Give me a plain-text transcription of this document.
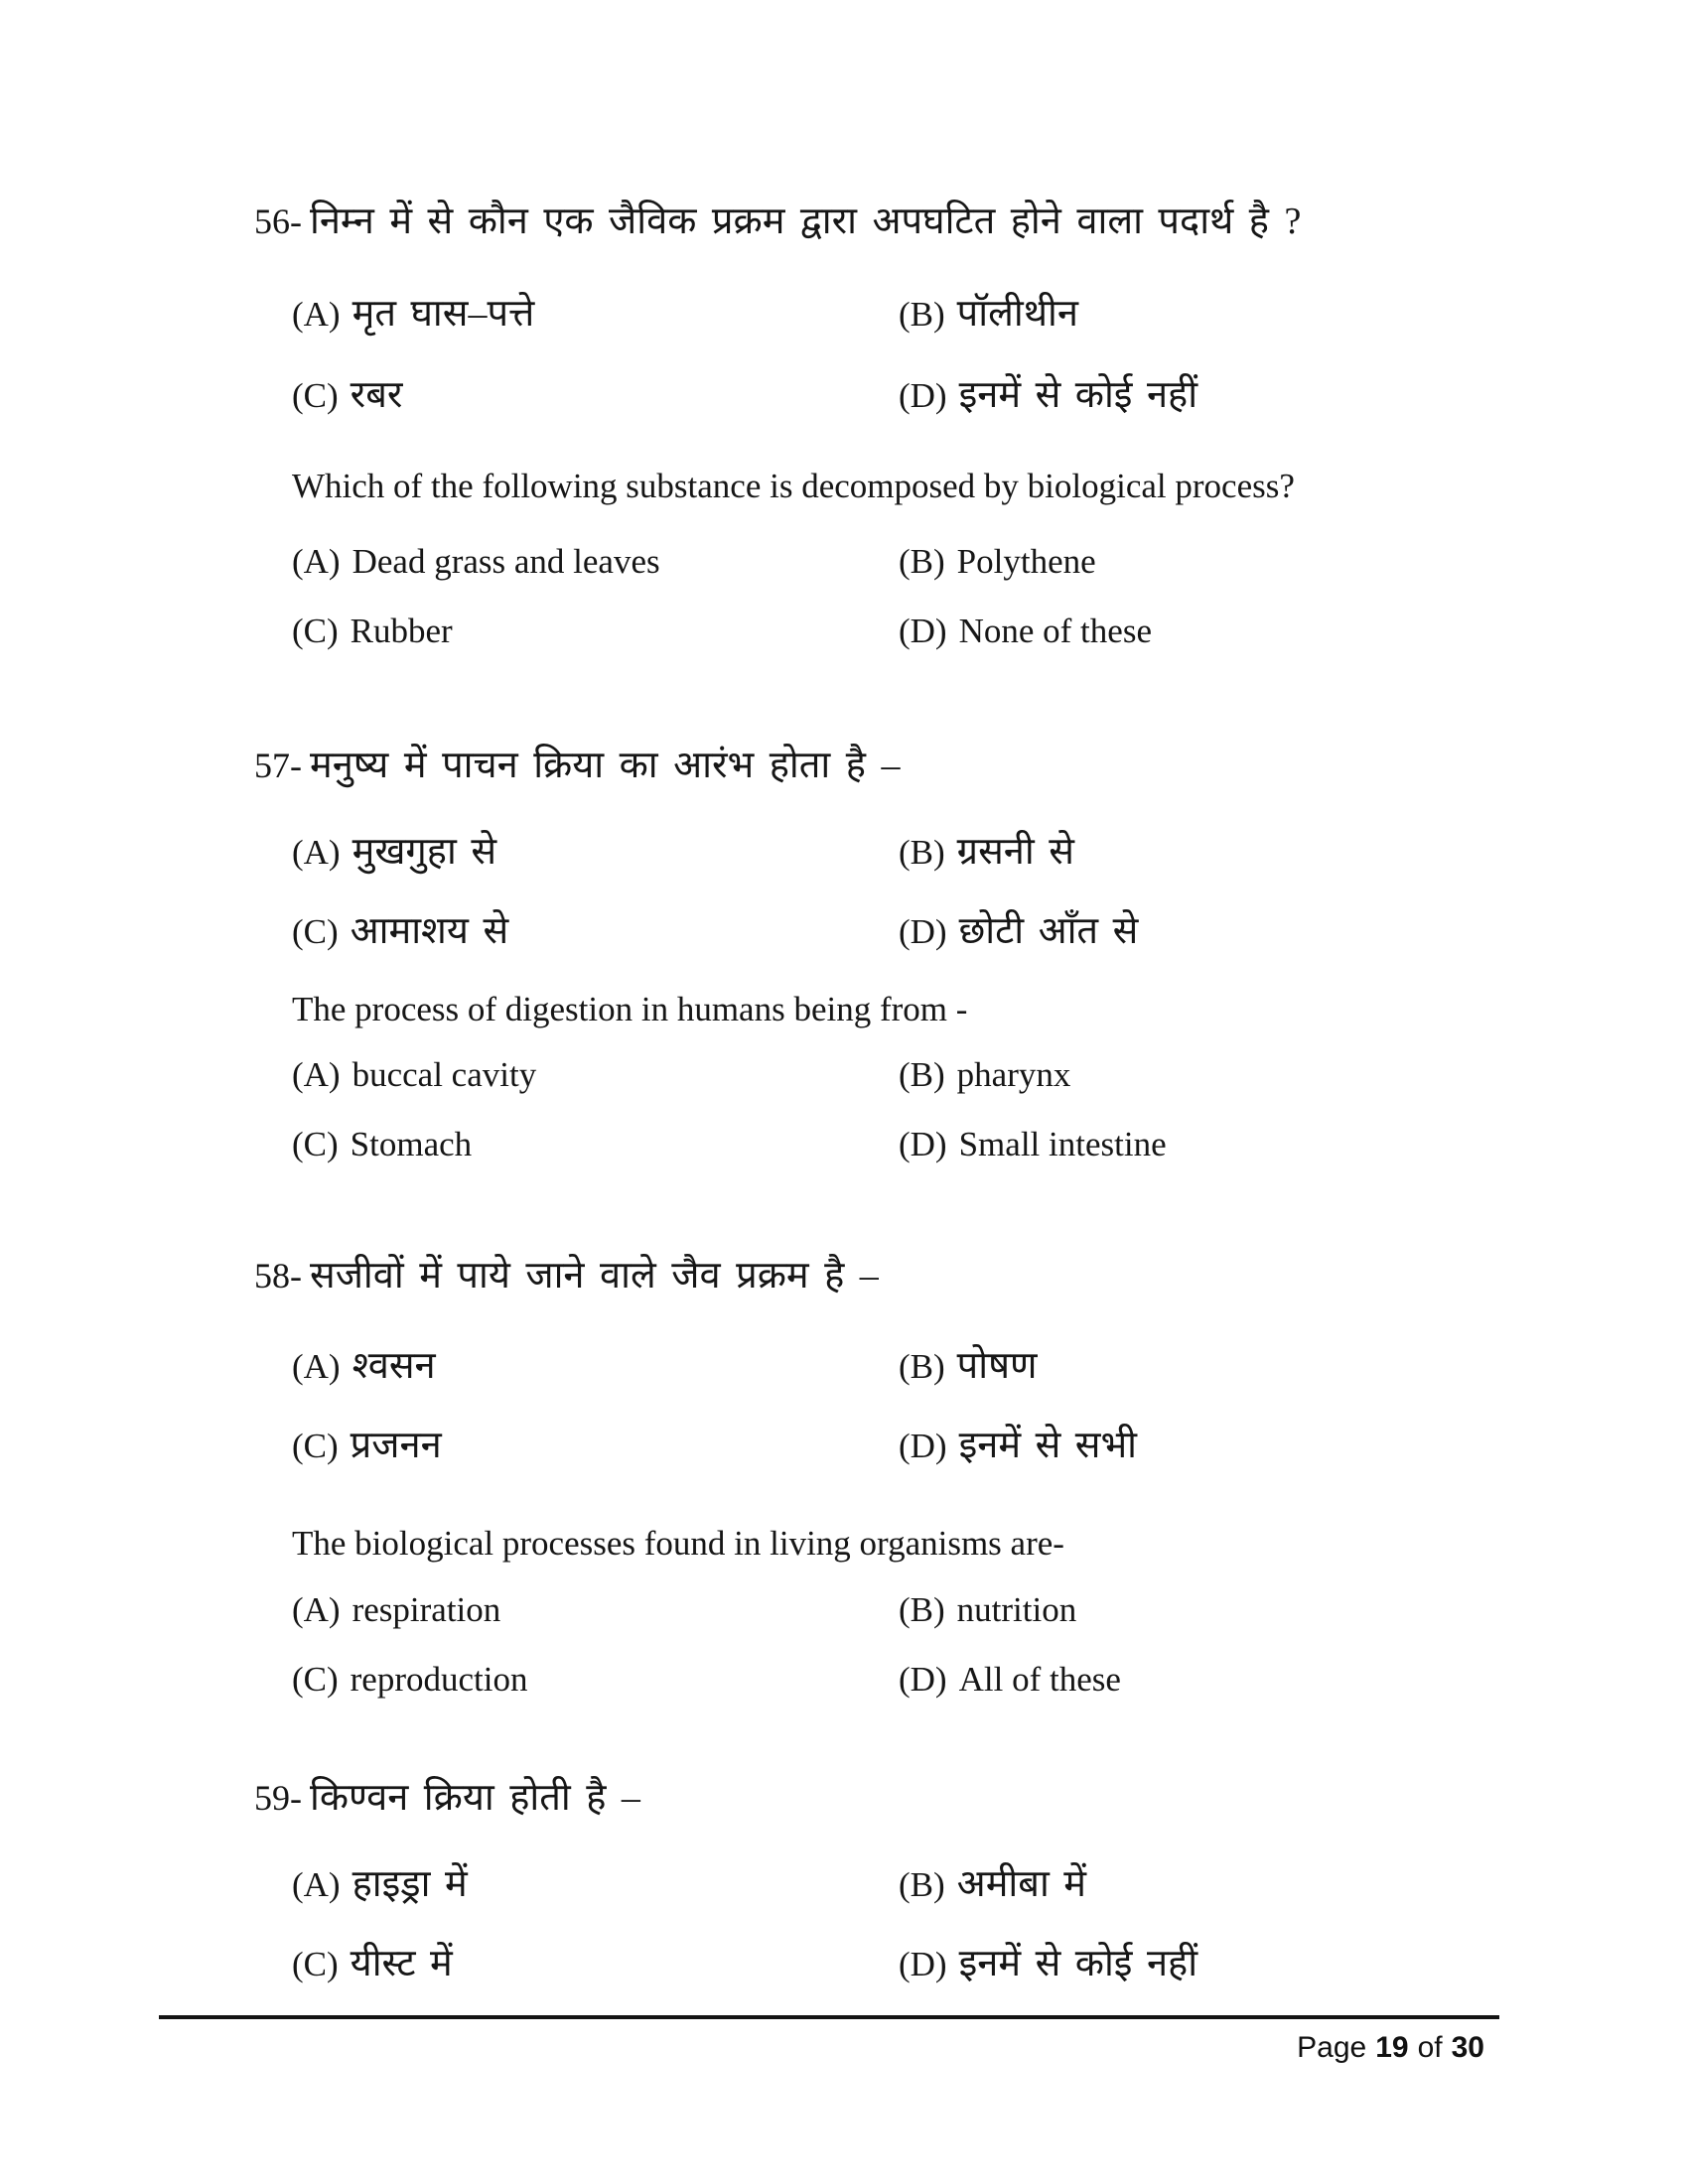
56- निम्न में से कौन एक जैविक प्रक्रम द्वारा अपघटित होने वाला पदार्थ है ?
(A) मृत घास–पत्ते	(B) पॉलीथीन
(C) रबर	(D) इनमें से कोई नहीं
Which of the following substance is decomposed by biological process?
(A) Dead grass and leaves	(B) Polythene
(C) Rubber	(D) None of these
57- मनुष्य में पाचन क्रिया का आरंभ होता है –
(A) मुखगुहा से	(B) ग्रसनी से
(C) आमाशय से	(D) छोटी आँत से
The process of digestion in humans being from -
(A) buccal cavity	(B) pharynx
(C) Stomach	(D) Small intestine
58- सजीवों में पाये जाने वाले जैव प्रक्रम है –
(A) श्वसन	(B) पोषण
(C) प्रजनन	(D) इनमें से सभी
The biological processes found in living organisms are-
(A) respiration	(B) nutrition
(C) reproduction	(D) All of these
59- किण्वन क्रिया होती है –
(A) हाइड्रा में	(B) अमीबा में
(C) यीस्ट में	(D) इनमें से कोई नहीं
Page 19 of 30
